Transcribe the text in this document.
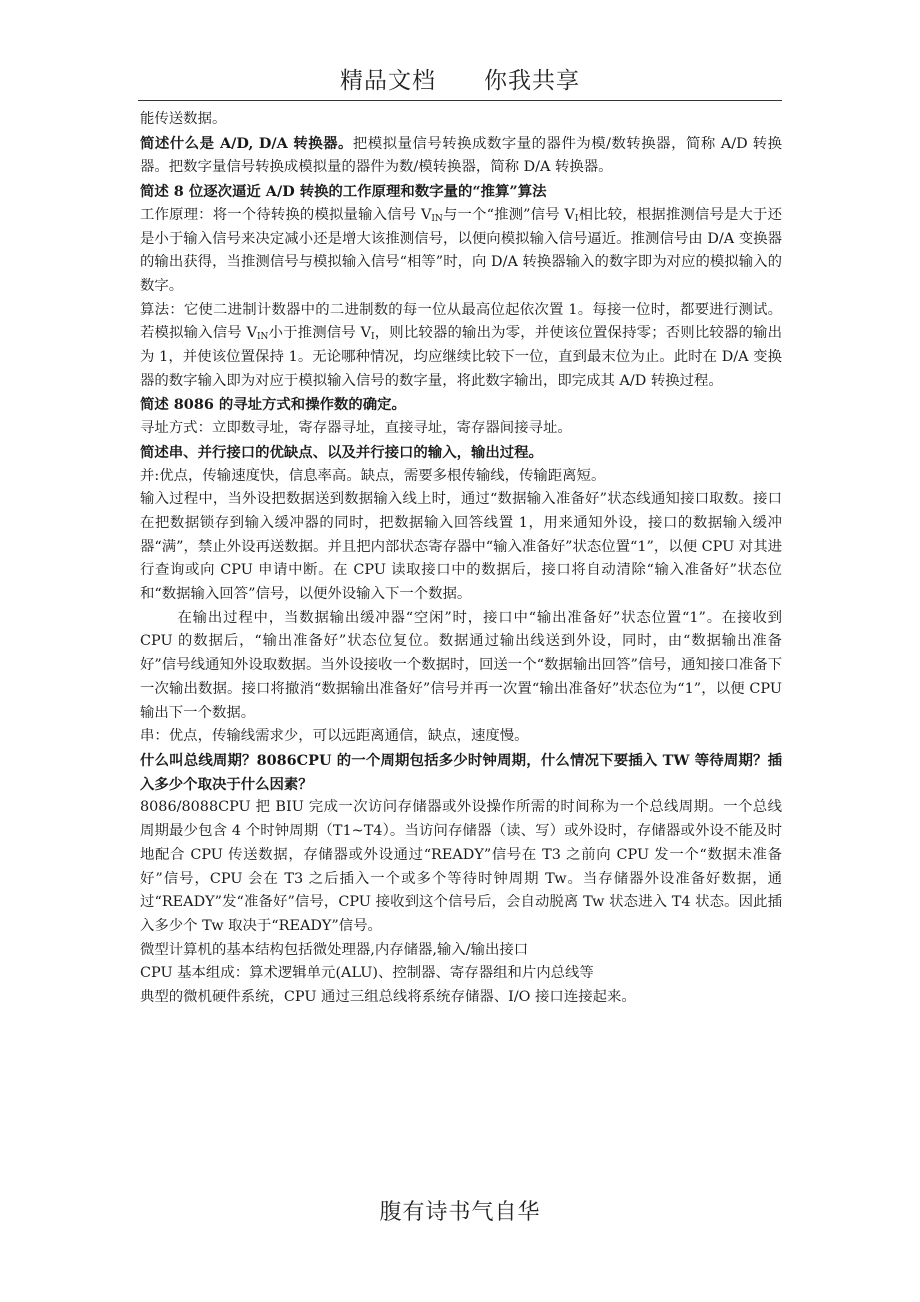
精品文档 你我共享

能传送数据。

简述什么是 A/D, D/A 转换器。把模拟量信号转换成数字量的器件为模/数转换器，简称 A/D 转换器。把数字量信号转换成模拟量的器件为数/模转换器，简称 D/A 转换器。

简述 8 位逐次逼近 A/D 转换的工作原理和数字量的“推算”算法

工作原理：将一个待转换的模拟量输入信号 $V_{IN}$与一个“推测”信号 $V_I$相比较，根据推测信号是大于还是小于输入信号来决定减小还是增大该推测信号，以便向模拟输入信号逼近。推测信号由 D/A 变换器的输出获得，当推测信号与模拟输入信号“相等”时，向 D/A 转换器输入的数字即为对应的模拟输入的数字。

算法：它使二进制计数器中的二进制数的每一位从最高位起依次置 1。每接一位时，都要进行测试。若模拟输入信号 $V_{IN}$小于推测信号 $V_I$，则比较器的输出为零，并使该位置保持零；否则比较器的输出为 1，并使该位置保持 1。无论哪种情况，均应继续比较下一位，直到最末位为止。此时在 D/A 变换器的数字输入即为对应于模拟输入信号的数字量，将此数字输出，即完成其 A/D 转换过程。

简述 8086 的寻址方式和操作数的确定。

寻址方式：立即数寻址，寄存器寻址，直接寻址，寄存器间接寻址。

简述串、并行接口的优缺点、以及并行接口的输入，输出过程。

并:优点，传输速度快，信息率高。缺点，需要多根传输线，传输距离短。

输入过程中，当外设把数据送到数据输入线上时，通过“数据输入准备好”状态线通知接口取数。接口在把数据锁存到输入缓冲器的同时，把数据输入回答线置 1，用来通知外设，接口的数据输入缓冲器“满”，禁止外设再送数据。并且把内部状态寄存器中“输入准备好”状态位置“1”，以便 CPU 对其进行查询或向 CPU 申请中断。在 CPU 读取接口中的数据后，接口将自动清除“输入准备好”状态位和“数据输入回答”信号，以便外设输入下一个数据。

在输出过程中，当数据输出缓冲器“空闲”时，接口中“输出准备好”状态位置“1”。在接收到 CPU 的数据后，“输出准备好”状态位复位。数据通过输出线送到外设，同时，由“数据输出准备好”信号线通知外设取数据。当外设接收一个数据时，回送一个“数据输出回答”信号，通知接口准备下一次输出数据。接口将撤消“数据输出准备好”信号并再一次置“输出准备好”状态位为“1”，以便 CPU 输出下一个数据。

串：优点，传输线需求少，可以远距离通信，缺点，速度慢。

什么叫总线周期？8086CPU 的一个周期包括多少时钟周期，什么情况下要插入 TW 等待周期？插入多少个取决于什么因素？

8086/8088CPU 把 BIU 完成一次访问存储器或外设操作所需的时间称为一个总线周期。一个总线周期最少包含 4 个时钟周期（T1~T4）。当访问存储器（读、写）或外设时，存储器或外设不能及时地配合 CPU 传送数据，存储器或外设通过“READY”信号在 T3 之前向 CPU 发一个“数据未准备好”信号，CPU 会在 T3 之后插入一个或多个等待时钟周期 Tw。当存储器外设准备好数据，通过“READY”发“准备好”信号，CPU 接收到这个信号后，会自动脱离 Tw 状态进入 T4 状态。因此插入多少个 Tw 取决于“READY”信号。

微型计算机的基本结构包括微处理器,内存储器,输入/输出接口

CPU 基本组成：算术逻辑单元(ALU)、控制器、寄存器组和片内总线等

典型的微机硬件系统，CPU 通过三组总线将系统存储器、I/O 接口连接起来。

腹有诗书气自华
